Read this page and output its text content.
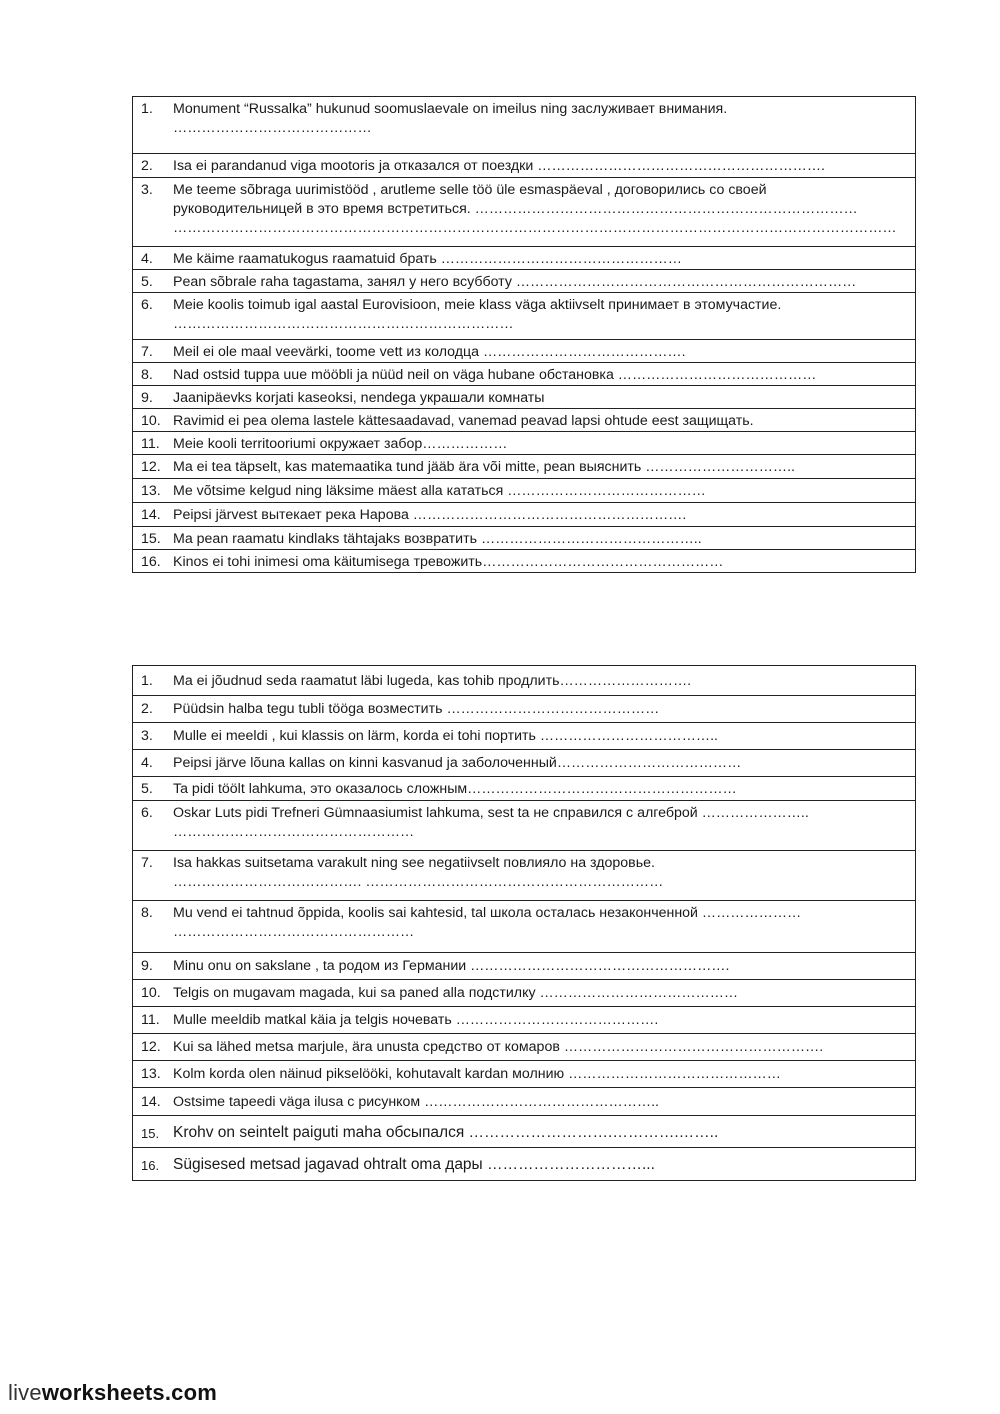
1.	Monument “Russalka” hukunud soomuslaevale on imeilus ning заслуживает внимания.
……………………………………
2.	Isa ei parandanud viga mootoris ja отказался от поездки …………………………………………………….
3.	Me teeme sõbraga uurimistööd , arutleme selle töö üle esmaspäeval , договорились со своей
руководительницей в это время встретиться. ………………………………………………………………………
………………………………………………………………………………………………………………………………………
4.	Me käime raamatukogus raamatuid брать ……………………………………………
5.	Pean sõbrale raha tagastama, занял у него всубботу ………………………………………………………………
6.	Meie koolis toimub igal aastal Eurovisioon, meie klass väga aktiivselt принимает в этомучастие.
………………………………………………………………
7.	Meil ei ole maal veevärki, toome vett из колодца …………………………………….
8.	Nad ostsid tuppa uue mööbli ja nüüd neil on väga hubane обстановка ……………………………………
9.	Jaanipäevks korjati kaseoksi, nendega украшали комнаты
10. Ravimid ei pea olema lastele kättesaadavad, vanemad peavad lapsi ohtude eest защищать.
11. Meie kooli territooriumi окружает забор………………
12. Ma ei tea täpselt, kas matemaatika tund jääb ära või mitte, pean выяснить …………………………..
13. Me võtsime kelgud ning läksime mäest alla кататься ……………………………………
14. Peipsi järvest вытекает река Нарова ………………………………………………….
15. Ma pean raamatu kindlaks tähtajaks возвратить ………………………………………..
16. Kinos ei tohi inimesi oma käitumisega тревожить……………………………………………
1.	Ma ei jõudnud seda raamatut läbi lugeda, kas tohib продлить……………………….
2.	Püüdsin halba tegu tubli tööga возместить ………………………………………
3.	Mulle ei meeldi , kui klassis on lärm, korda ei tohi портить ………………………………..
4.	Peipsi järve lõuna kallas on kinni kasvanud ja заболоченный…………………………………
5.	Ta pidi töölt lahkuma, это оказалось сложным…………………………………………………
6.	Oskar Luts pidi Trefneri Gümnaasiumist lahkuma, sest ta не справился с алгеброй …………………..
……………………………………………
7.	Isa hakkas suitsetama varakult ning see negatiivselt повлияло на здоровье.
…………………………………. ………………………………………………………
8.	Mu vend ei tahtnud õppida, koolis sai kahtesid, tal школа осталась незаконченной …………………
……………………………………………
9.	Minu onu on sakslane , ta родом из Германии ……………………………………………….
10. Telgis on mugavam magada, kui sa paned alla подстилку ……………………………………
11. Mulle meeldib matkal käia ja telgis ночевать …………………………………….
12. Kui sa lähed metsa marjule, ära unusta средство от комаров ……………………………………………….
13. Kolm korda olen näinud pikselööki, kohutavalt kardan молнию ………………………………………
14. Ostsime tapeedi väga ilusa с рисунком …………………………………………..
15. Krohv on seintelt paiguti maha обсыпался ……………………….………….……..
16. Sügisesed metsad jagavad ohtralt oma дары …………………………...
liveworksheets.com
